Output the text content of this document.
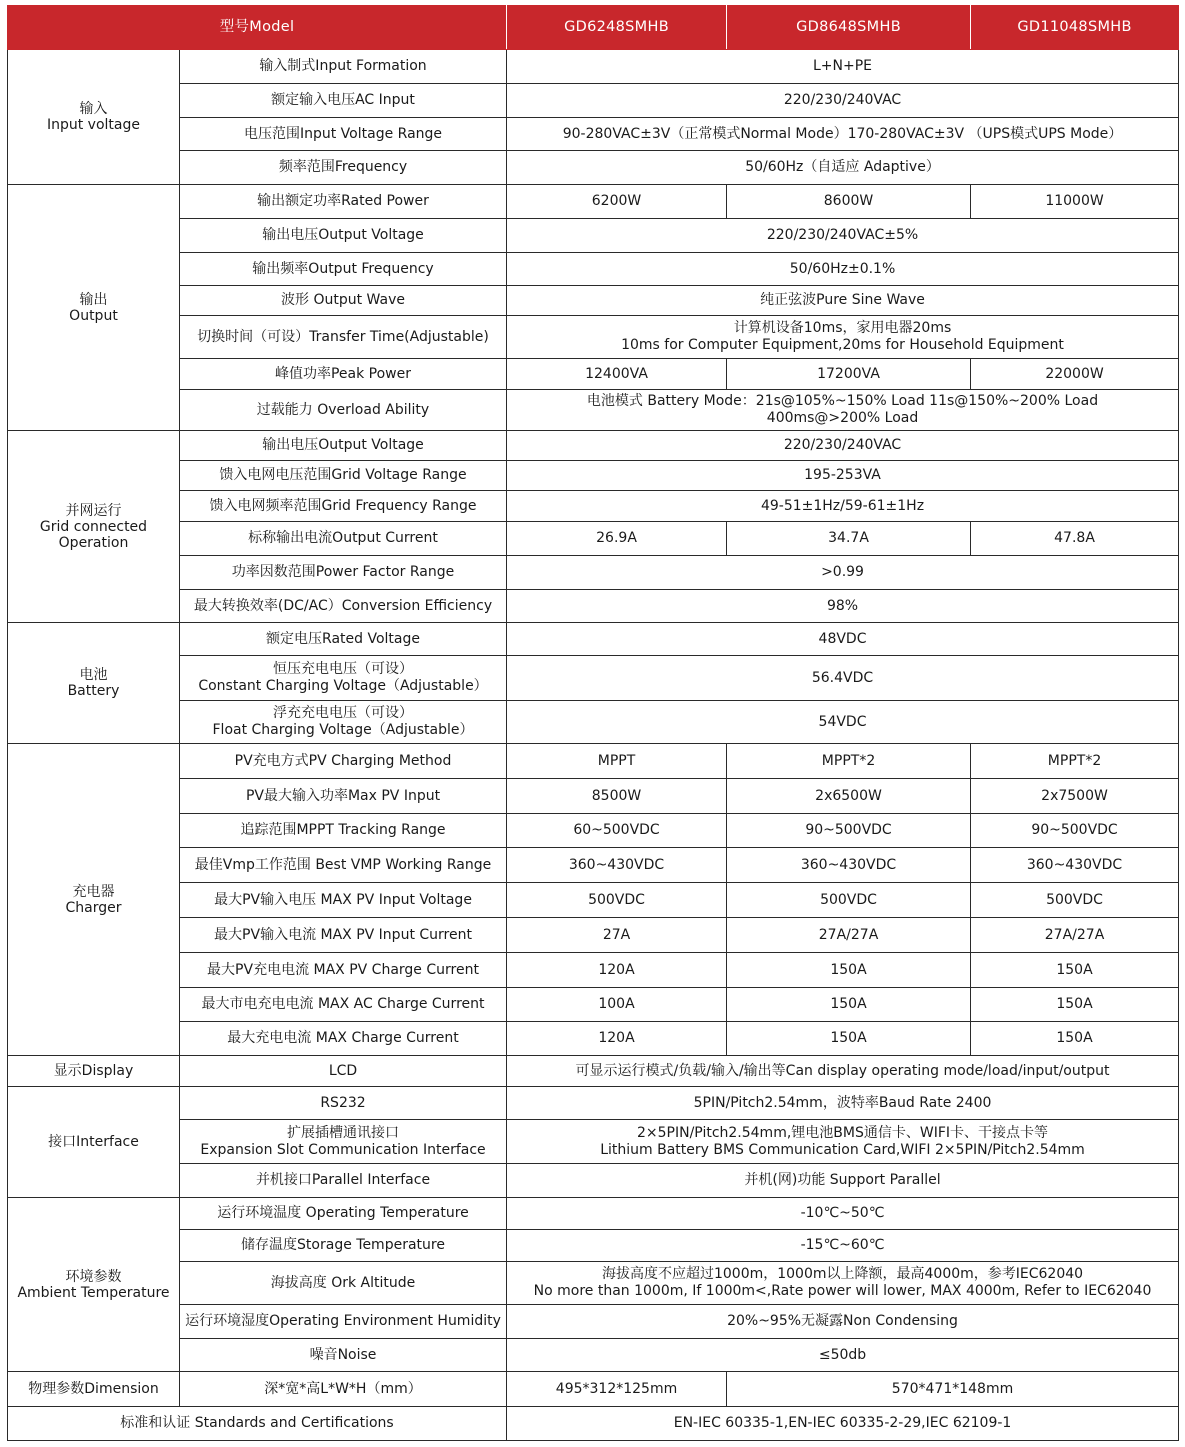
型号Model		GD6248SMHB	GD8648SMHB	GD11048SMHB

输入
Input voltage	输入制式Input Formation	L+N+PE		

	额定输入电压AC Input	220/230/240VAC		

	电压范围Input Voltage Range	90-280VAC±3V（正常模式Normal Mode）170-280VAC±3V （UPS模式UPS Mode）		

	频率范围Frequency	50/60Hz（自适应 Adaptive）		

输出
Output	输出额定功率Rated Power	6200W	8600W	11000W

	输出电压Output Voltage	220/230/240VAC±5%		

	输出频率Output Frequency	50/60Hz±0.1%		

	波形 Output Wave	纯正弦波Pure Sine Wave		

	切换时间（可设）Transfer Time(Adjustable)	计算机设备10ms，家用电器20ms
10ms for Computer Equipment,20ms for Household Equipment		

	峰值功率Peak Power	12400VA	17200VA	22000W

	过载能力 Overload Ability	电池模式 Battery Mode：21s@105%~150% Load 11s@150%~200% Load
400ms@>200% Load		

并网运行
Grid connected
Operation	输出电压Output Voltage	220/230/240VAC		

	馈入电网电压范围Grid Voltage Range	195-253VA		

	馈入电网频率范围Grid Frequency Range	49-51±1Hz/59-61±1Hz		

	标称输出电流Output Current	26.9A	34.7A	47.8A

	功率因数范围Power Factor Range	>0.99		

	最大转换效率(DC/AC）Conversion Efficiency	98%		

电池
Battery	额定电压Rated Voltage	48VDC		

	恒压充电电压（可设）
Constant Charging Voltage（Adjustable）	56.4VDC		

	浮充充电电压（可设）
Float Charging Voltage（Adjustable）	54VDC		

充电器
Charger	PV充电方式PV Charging Method	MPPT	MPPT*2	MPPT*2

	PV最大输入功率Max PV Input	8500W	2x6500W	2x7500W

	追踪范围MPPT Tracking Range	60~500VDC	90~500VDC	90~500VDC

	最佳Vmp工作范围 Best VMP Working Range	360~430VDC	360~430VDC	360~430VDC

	最大PV输入电压 MAX PV Input Voltage	500VDC	500VDC	500VDC

	最大PV输入电流 MAX PV Input Current	27A	27A/27A	27A/27A

	最大PV充电电流 MAX PV Charge Current	120A	150A	150A

	最大市电充电电流 MAX AC Charge Current	100A	150A	150A

	最大充电电流 MAX Charge Current	120A	150A	150A

显示Display	LCD	可显示运行模式/负载/输入/输出等Can display operating mode/load/input/output		

接口Interface	RS232	5PIN/Pitch2.54mm，波特率Baud Rate 2400		

	扩展插槽通讯接口
Expansion Slot Communication Interface	2×5PIN/Pitch2.54mm,锂电池BMS通信卡、WIFI卡、干接点卡等
Lithium Battery BMS Communication Card,WIFI 2×5PIN/Pitch2.54mm		

	并机接口Parallel Interface	并机(网)功能 Support Parallel		

环境参数
Ambient Temperature	运行环境温度 Operating Temperature	-10℃~50℃		

	储存温度Storage Temperature	-15℃~60℃		

	海拔高度 Ork Altitude	海拔高度不应超过1000m，1000m以上降额，最高4000m，参考IEC62040
No more than 1000m, If 1000m<,Rate power will lower, MAX 4000m, Refer to IEC62040		

	运行环境湿度Operating Environment Humidity	20%~95%无凝露Non Condensing		

	噪音Noise	≤50db		

物理参数Dimension	深*宽*高L*W*H（mm）	495*312*125mm	570*471*148mm	
标准和认证 Standards and Certifications		EN-IEC 60335-1,EN-IEC 60335-2-29,IEC 62109-1		
